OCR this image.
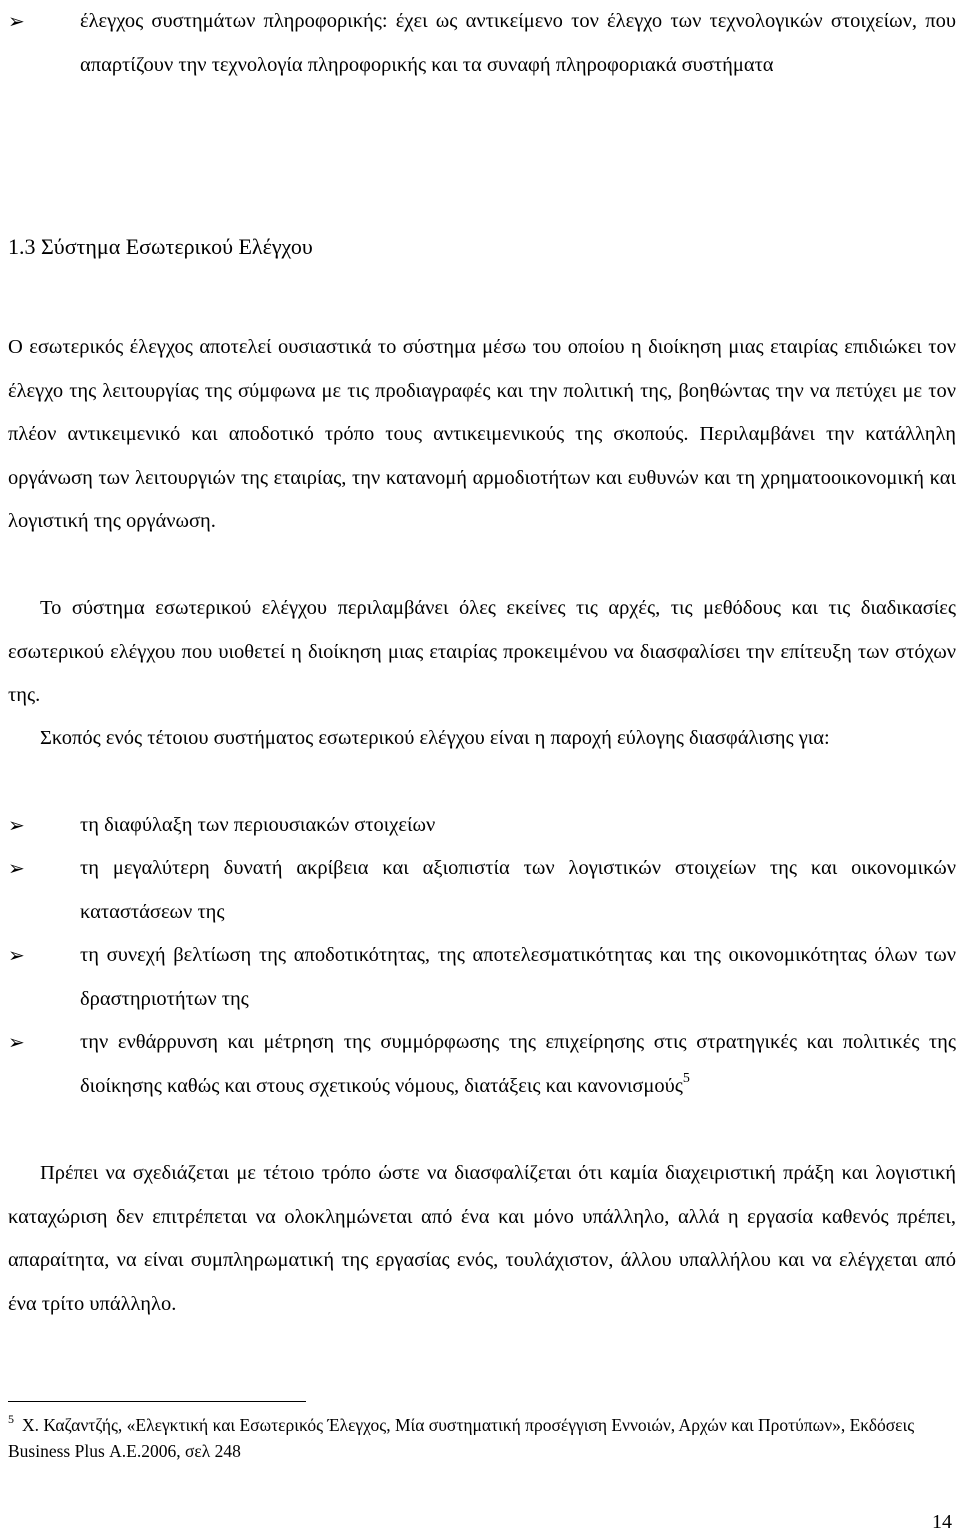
➢	έλεγχος συστημάτων πληροφορικής: έχει ως αντικείμενο τον έλεγχο των τεχνολογικών στοιχείων, που απαρτίζουν την τεχνολογία πληροφορικής και τα συναφή πληροφοριακά συστήματα
1.3 Σύστημα Εσωτερικού Ελέγχου

Ο εσωτερικός έλεγχος αποτελεί ουσιαστικά το σύστημα μέσω του οποίου η διοίκηση μιας εταιρίας επιδιώκει τον έλεγχο της λειτουργίας της σύμφωνα με τις προδιαγραφές και την πολιτική της, βοηθώντας την να πετύχει με τον πλέον αντικειμενικό και αποδοτικό τρόπο τους αντικειμενικούς της σκοπούς. Περιλαμβάνει την κατάλληλη οργάνωση των λειτουργιών της εταιρίας, την κατανομή αρμοδιοτήτων και ευθυνών και τη χρηματοοικονομική και λογιστική της οργάνωση.

Το σύστημα εσωτερικού ελέγχου περιλαμβάνει όλες εκείνες τις αρχές, τις μεθόδους και τις διαδικασίες εσωτερικού ελέγχου που υιοθετεί η διοίκηση μιας εταιρίας προκειμένου να διασφαλίσει την επίτευξη των στόχων της.

Σκοπός ενός τέτοιου συστήματος εσωτερικού ελέγχου είναι η παροχή εύλογης διασφάλισης για:

➢	τη διαφύλαξη των περιουσιακών στοιχείων
➢	τη μεγαλύτερη δυνατή ακρίβεια και αξιοπιστία των λογιστικών στοιχείων της και οικονομικών καταστάσεων της
➢	τη συνεχή βελτίωση της αποδοτικότητας, της αποτελεσματικότητας και της οικονομικότητας όλων των δραστηριοτήτων της
➢	την ενθάρρυνση και μέτρηση της συμμόρφωσης της επιχείρησης στις στρατηγικές και πολιτικές της διοίκησης καθώς και στους σχετικούς νόμους, διατάξεις και κανονισμούς$^5$

Πρέπει να σχεδιάζεται με τέτοιο τρόπο ώστε να διασφαλίζεται ότι καμία διαχειριστική πράξη και λογιστική καταχώριση δεν επιτρέπεται να ολοκλημώνεται από ένα και μόνο υπάλληλο, αλλά η εργασία καθενός πρέπει, απαραίτητα, να είναι συμπληρωματική της εργασίας ενός, τουλάχιστον, άλλου υπαλλήλου και να ελέγχεται από ένα τρίτο υπάλληλο.

$^5$ Χ. Καζαντζής, «Ελεγκτική και Εσωτερικός Έλεγχος, Μία συστηματική προσέγγιση Εννοιών, Αρχών και Προτύπων», Εκδόσεις Business Plus Α.Ε.2006, σελ 248
14
